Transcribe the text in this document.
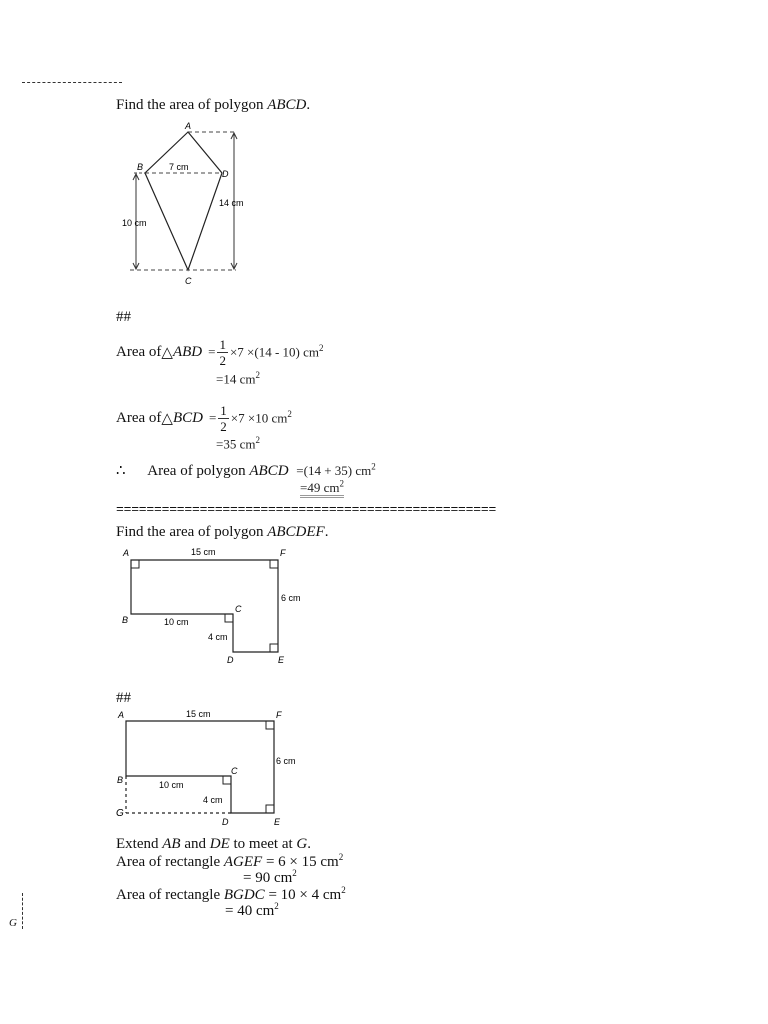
Find the area of polygon ABCD.
A
B
C
D
7 cm
14 cm
10 cm
##
Area of △ ABD = $\frac{1}{2} \times 7 \times(14 - 10)$ $cm^2$
=14 $cm^2$
Area of △ BCD = $\frac{1}{2} \times 7 \times 10$ $cm^2$
=35 $cm^2$
∴ Area of polygon ABCD =(14 + 35) $cm^2$
=49 $cm^2$
==================================================
Find the area of polygon ABCDEF.
A	F
B
C
D	E
15 cm
6 cm
10 cm
4 cm
##
A	F
B
C
G
D	E
15 cm
6 cm
10 cm
4 cm
Extend AB and DE to meet at G.
Area of rectangle AGEF = 6 × 15 $cm^2$
= 90 $cm^2$
Area of rectangle BGDC = 10 × 4 $cm^2$
= 40 $cm^2$
G
